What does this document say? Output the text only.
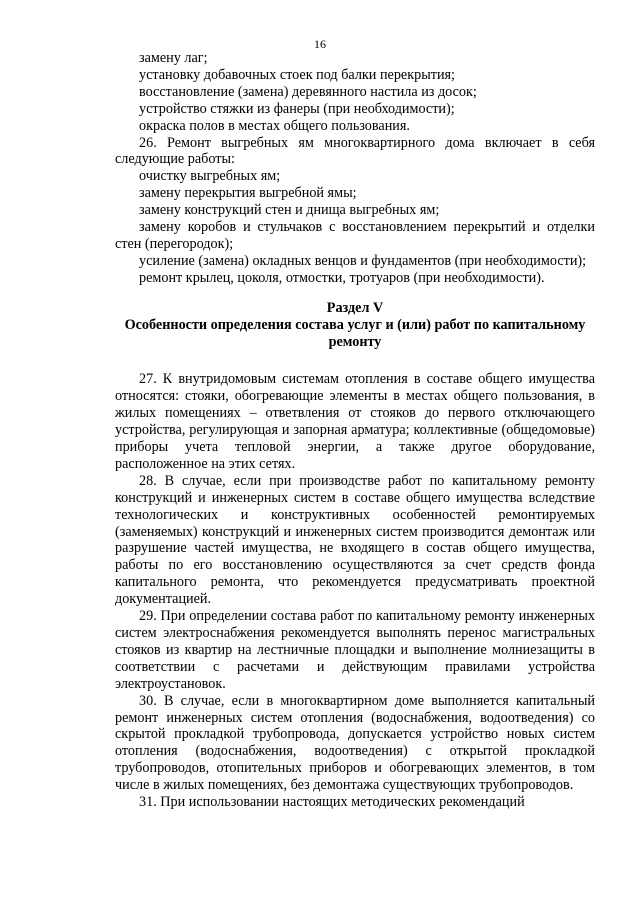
16

замену лаг;

установку добавочных стоек под балки перекрытия;

восстановление (замена) деревянного настила из досок;

устройство стяжки из фанеры (при необходимости);

окраска полов в местах общего пользования.

26. Ремонт выгребных ям многоквартирного дома включает в себя следующие работы:

очистку выгребных ям;

замену перекрытия выгребной ямы;

замену конструкций стен и днища выгребных ям;

замену коробов и стульчаков с восстановлением перекрытий и отделки стен (перегородок);

усиление (замена) окладных венцов и фундаментов (при необходимости);

ремонт крылец, цоколя, отмостки, тротуаров (при необходимости).

Раздел V

Особенности определения состава услуг и (или) работ по капитальному ремонту

27. К внутридомовым системам отопления в составе общего имущества относятся: стояки, обогревающие элементы в местах общего пользования, в жилых помещениях – ответвления от стояков до первого отключающего устройства, регулирующая и запорная арматура; коллективные (общедомовые) приборы учета тепловой энергии, а также другое оборудование, расположенное на этих сетях.

28. В случае, если при производстве работ по капитальному ремонту конструкций и инженерных систем в составе общего имущества вследствие технологических и конструктивных особенностей ремонтируемых (заменяемых) конструкций и инженерных систем производится демонтаж или разрушение частей имущества, не входящего в состав общего имущества, работы по его восстановлению осуществляются за счет средств фонда капитального ремонта, что рекомендуется предусматривать проектной документацией.

29. При определении состава работ по капитальному ремонту инженерных систем электроснабжения рекомендуется выполнять перенос магистральных стояков из квартир на лестничные площадки и выполнение молниезащиты в соответствии с расчетами и действующим правилами устройства электроустановок.

30. В случае, если в многоквартирном доме выполняется капитальный ремонт инженерных систем отопления (водоснабжения, водоотведения) со скрытой прокладкой трубопровода, допускается устройство новых систем отопления (водоснабжения, водоотведения) с открытой прокладкой трубопроводов, отопительных приборов и обогревающих элементов, в том числе в жилых помещениях, без демонтажа существующих трубопроводов.

31. При использовании настоящих методических рекомендаций
